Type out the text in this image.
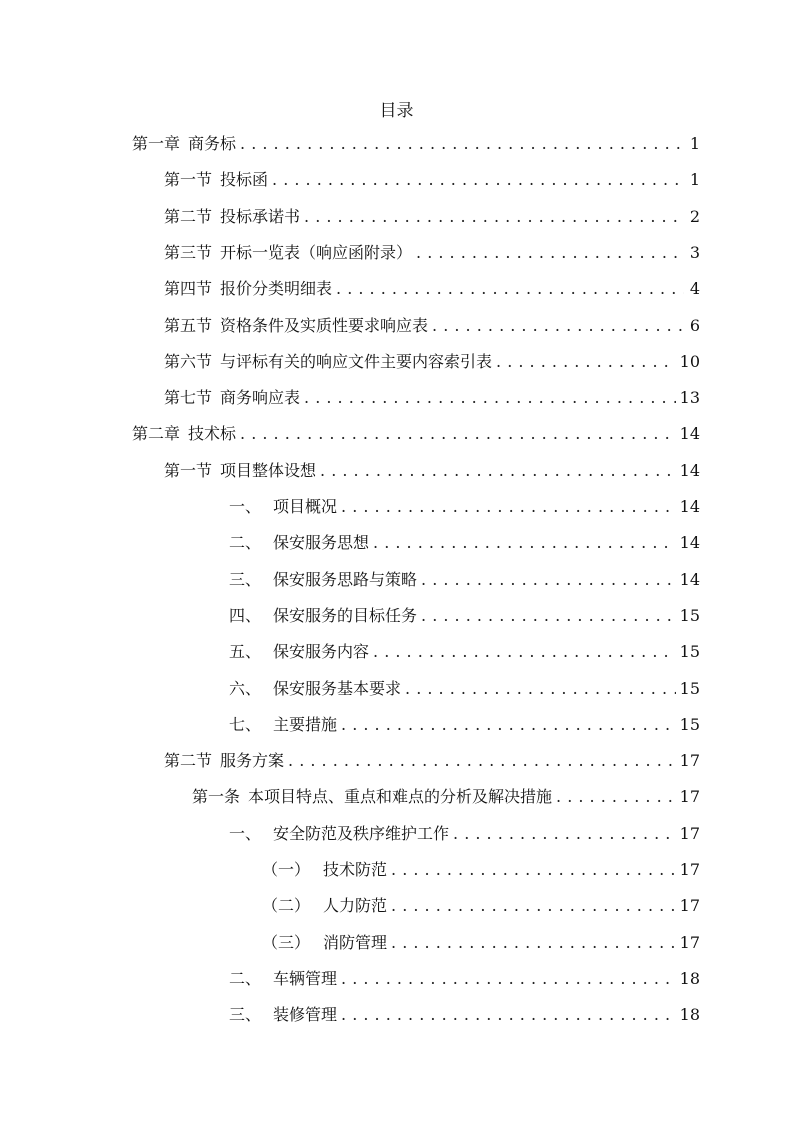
目录
第一章 商务标 . . .	1
第一节 投标函 . . .	1
第二节 投标承诺书 . . .	2
第三节 开标一览表（响应函附录） . . .	3
第四节 报价分类明细表 . . .	4
第五节 资格条件及实质性要求响应表 . . .	6
第六节 与评标有关的响应文件主要内容索引表 . . .	10
第七节 商务响应表 . . .	13
第二章 技术标 . . .	14
第一节 项目整体设想 . . .	14
一、 项目概况 . . .	14
二、 保安服务思想 . . .	14
三、 保安服务思路与策略 . . .	14
四、 保安服务的目标任务 . . .	15
五、 保安服务内容 . . .	15
六、 保安服务基本要求 . . .	15
七、 主要措施 . . .	15
第二节 服务方案 . . .	17
第一条 本项目特点、重点和难点的分析及解决措施 . . .	17
一、 安全防范及秩序维护工作 . . .	17
（一） 技术防范 . . .	17
（二） 人力防范 . . .	17
（三） 消防管理 . . .	17
二、 车辆管理 . . .	18
三、 装修管理 . . .	18
